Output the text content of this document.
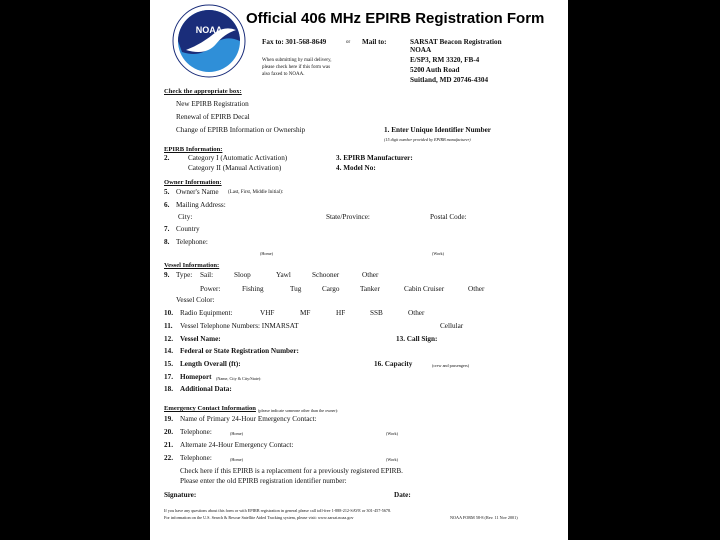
NOAA
Official 406 MHz EPIRB Registration Form
Fax to: 301-568-8649	or Mail to:
When submitting by mail delivery,
please check here if this form was
also faxed to NOAA.
SARSAT Beacon Registration
NOAA
E/SP3, RM 3320, FB-4
5200 Auth Road
Suitland, MD 20746-4304
Check the appropriate box:
New EPIRB Registration
Renewal of EPIRB Decal
Change of EPIRB Information or Ownership	1. Enter Unique Identifier Number
(15 digit number provided by EPIRB manufacturer)
EPIRB Information:
2.	Category I (Automatic Activation)
Category II (Manual Activation)
3. EPIRB Manufacturer:
4. Model No:
Owner Information:
5. Owner's Name (Last, First, Middle Initial):
6. Mailing Address:
City:	State/Province:	Postal Code:
7. Country
8. Telephone:
(Home)	(Work)
Vessel Information:
9. Type: Sail:	Sloop	Yawl	Schooner	Other
Power:	Fishing	Tug	Cargo	Tanker	Cabin Cruiser	Other
Vessel Color:
10. Radio Equipment:	VHF	MF	HF	SSB	Other
11. Vessel Telephone Numbers: INMARSAT	Cellular
12. Vessel Name:	13. Call Sign:
14. Federal or State Registration Number:
15. Length Overall (ft):	16. Capacity	(crew and passengers)
17. Homeport (Name, City & City/State):
18. Additional Data:
Emergency Contact Information (please indicate someone other than the owner):
19. Name of Primary 24-Hour Emergency Contact:
20. Telephone:	(Home)	(Work)
21. Alternate 24-Hour Emergency Contact:
22. Telephone:	(Home)	(Work)
Check here if this EPIRB is a replacement for a previously registered EPIRB.
Please enter the old EPIRB registration identifier number:
Signature:	Date:
If you have any questions about this form or with EPIRB registration in general please call toll-free 1-888-212-SAVE or 301-457-5678.
For information on the U.S. Search & Rescue Satellite Aided Tracking system, please visit: www.sarsat.noaa.gov	NOAA FORM 58-8 (Rev. 11 Nov 2001)
